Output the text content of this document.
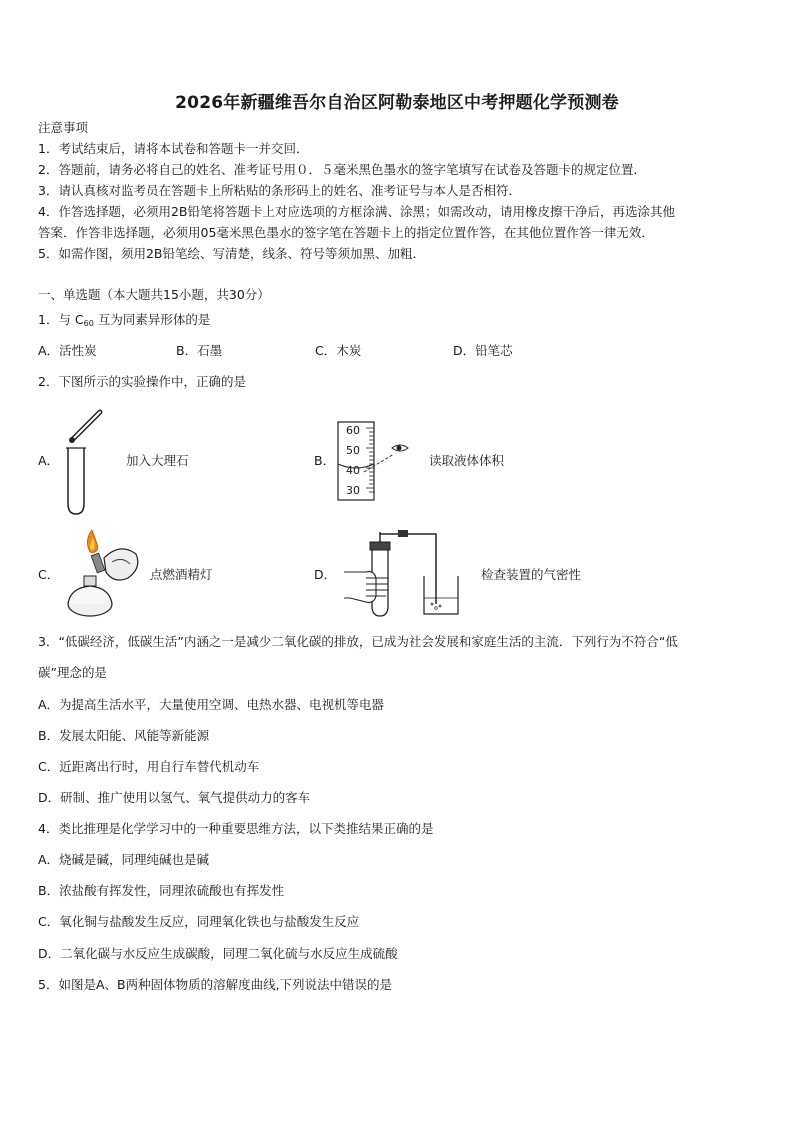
2026年新疆维吾尔自治区阿勒泰地区中考押题化学预测卷
注意事项
1．考试结束后，请将本试卷和答题卡一并交回．
2．答题前，请务必将自己的姓名、准考证号用０．５毫米黑色墨水的签字笔填写在试卷及答题卡的规定位置．
3．请认真核对监考员在答题卡上所粘贴的条形码上的姓名、准考证号与本人是否相符．
4．作答选择题，必须用2B铅笔将答题卡上对应选项的方框涂满、涂黑；如需改动，请用橡皮擦干净后，再选涂其他
答案．作答非选择题，必须用05毫米黑色墨水的签字笔在答题卡上的指定位置作答，在其他位置作答一律无效．
5．如需作图，须用2B铅笔绘、写清楚，线条、符号等须加黑、加粗．
一、单选题（本大题共15小题，共30分）
1．与 $C_{60}$ 互为同素异形体的是
A．活性炭	B．石墨	C．木炭	D．铅笔芯
2．下图所示的实验操作中，正确的是
A．	加入大理石	B．
60
50
40
30
读取液体体积
C．	点燃酒精灯	D．	检查装置的气密性
3．“低碳经济，低碳生活”内涵之一是减少二氧化碳的排放，已成为社会发展和家庭生活的主流．下列行为不符合“低
碳”理念的是
A．为提高生活水平，大量使用空调、电热水器、电视机等电器
B．发展太阳能、风能等新能源
C．近距离出行时，用自行车替代机动车
D．研制、推广使用以氢气、氧气提供动力的客车
4．类比推理是化学学习中的一种重要思维方法，以下类推结果正确的是
A．烧碱是碱，同理纯碱也是碱
B．浓盐酸有挥发性，同理浓硫酸也有挥发性
C．氧化铜与盐酸发生反应，同理氧化铁也与盐酸发生反应
D．二氧化碳与水反应生成碳酸，同理二氧化硫与水反应生成硫酸
5．如图是A、B两种固体物质的溶解度曲线,下列说法中错误的是
